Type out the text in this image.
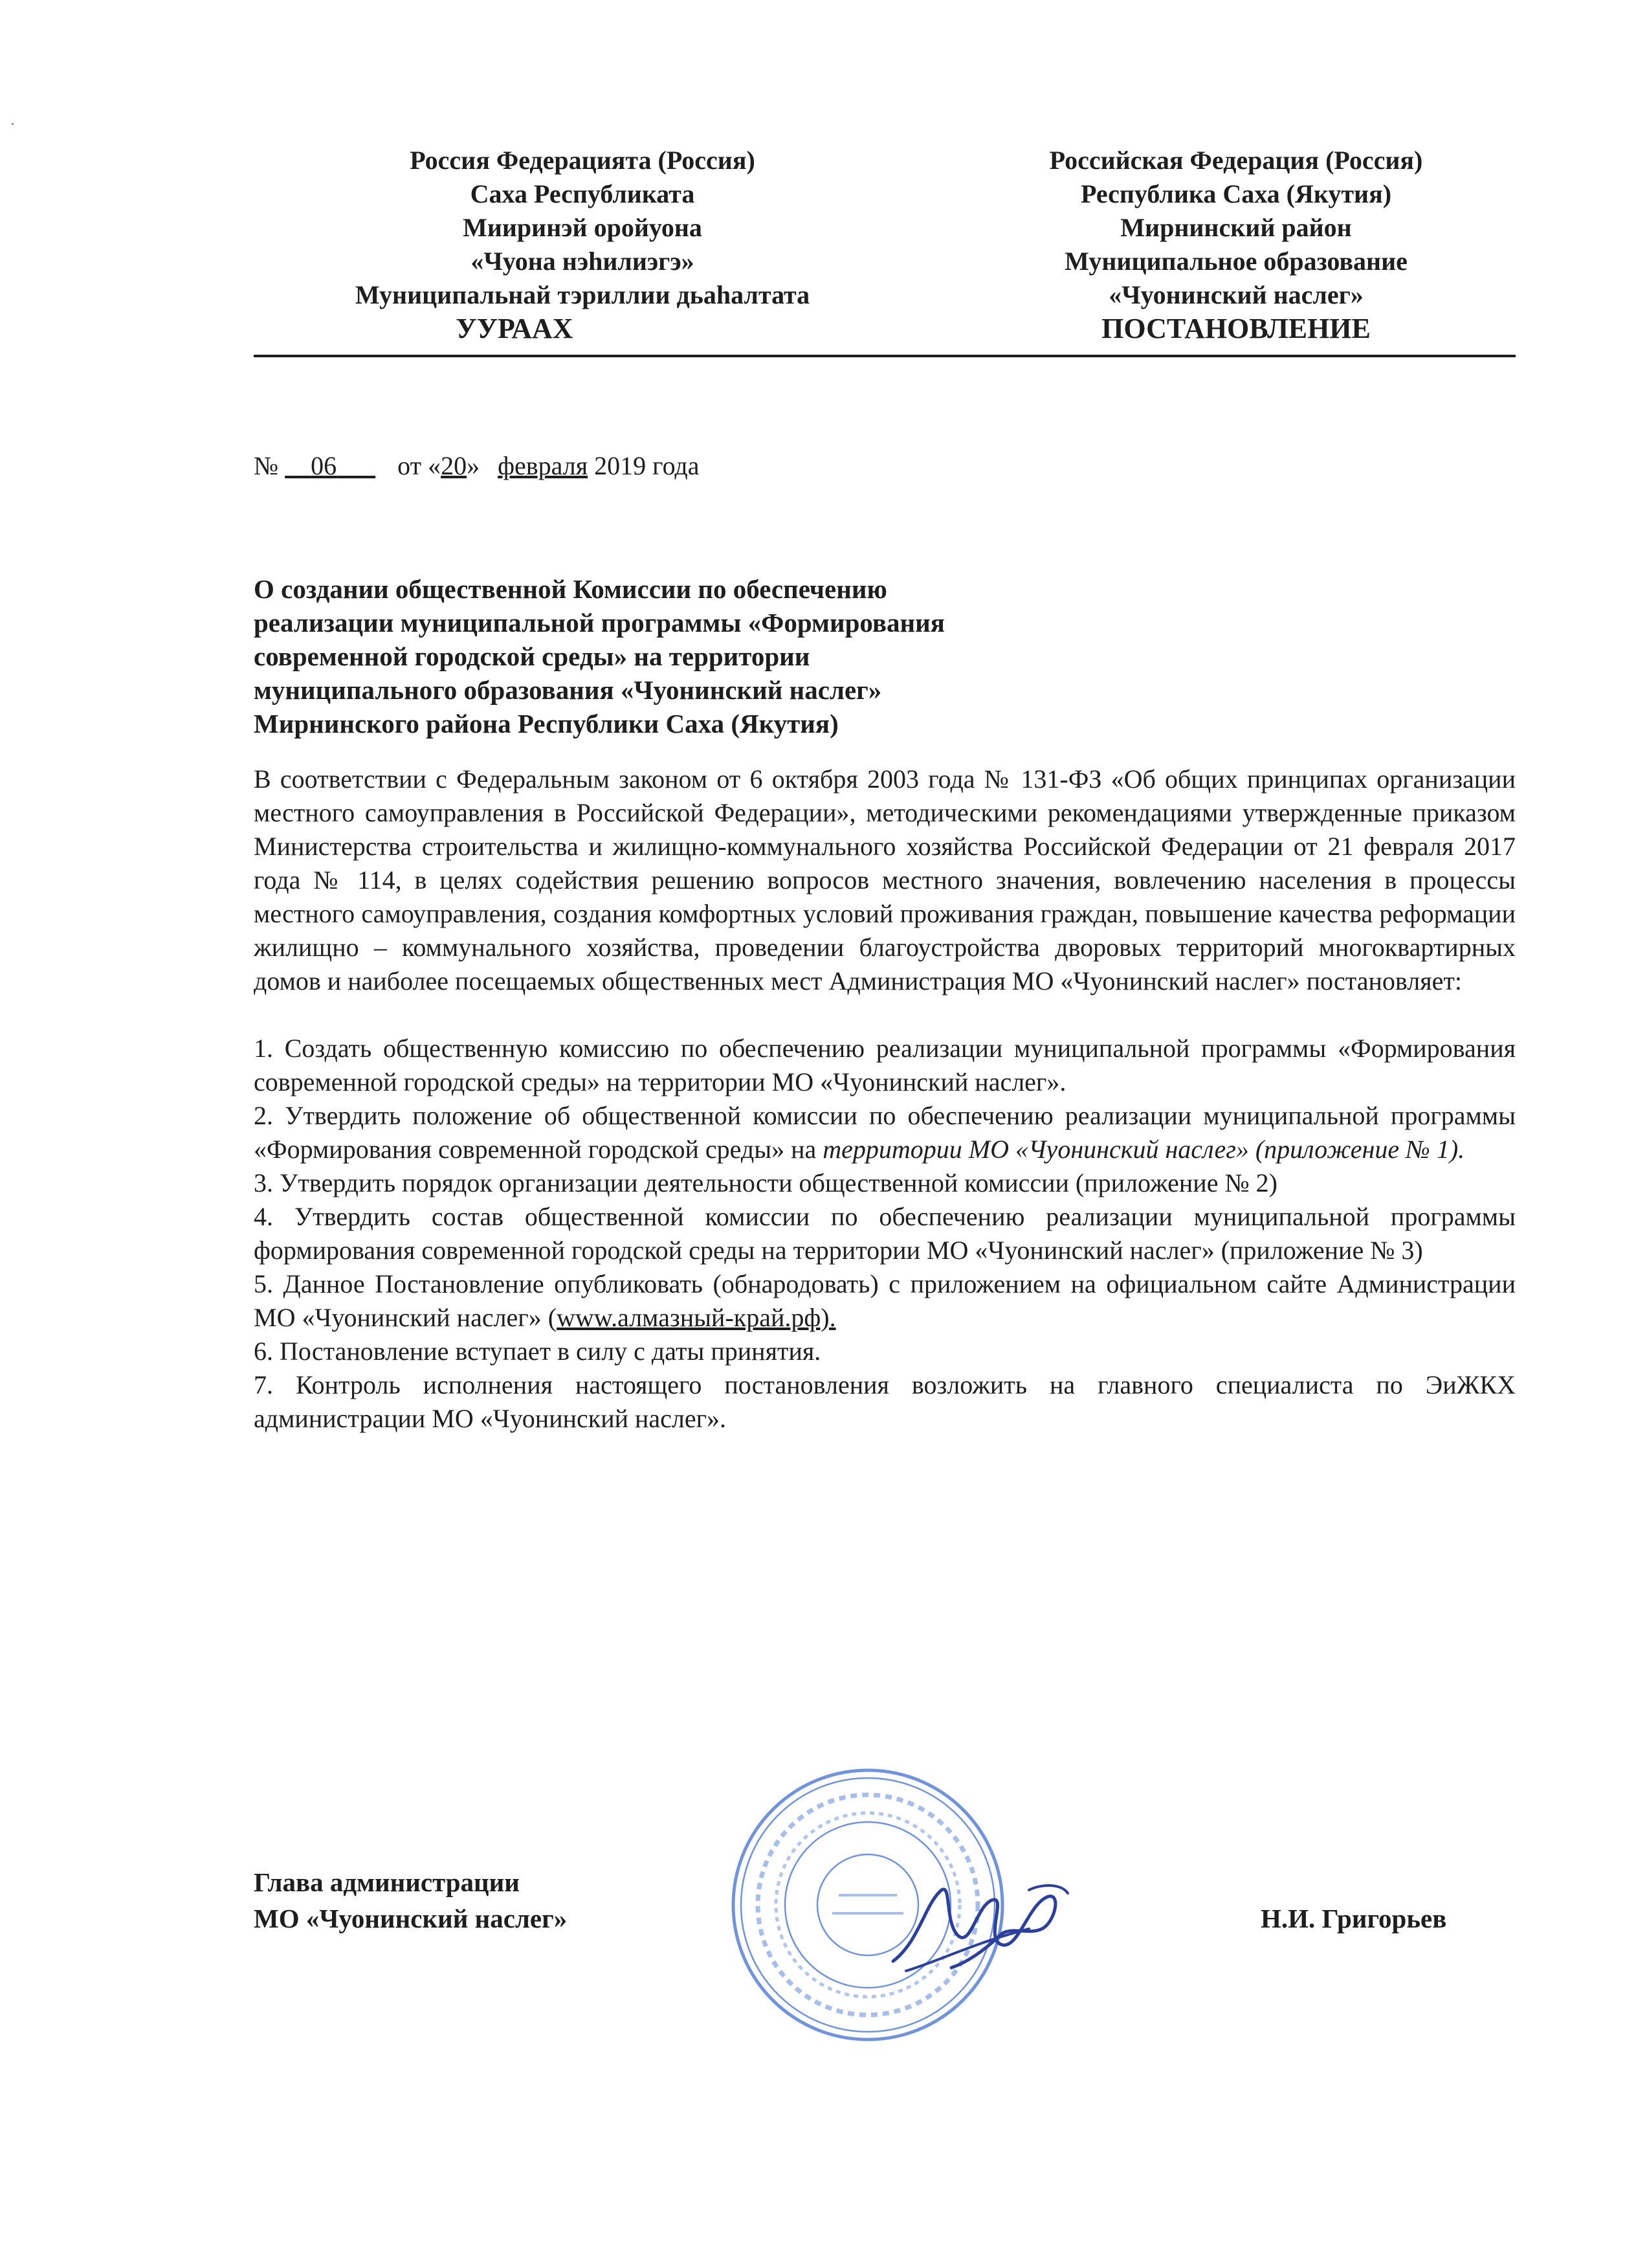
Россия Федерацията (Россия)
Саха Республиката
Мииринэй оройуона
«Чуона нэhилиэгэ»
Муниципальнай тэриллии дьаhалтата
УУРААХ
Российская Федерация (Россия)
Республика Саха (Якутия)
Мирнинский район
Муниципальное образование
«Чуонинский наслег»
ПОСТАНОВЛЕНИЕ
№ 06 от «20» февраля 2019 года
О создании общественной Комиссии по обеспечению
реализации муниципальной программы «Формирования
современной городской среды» на территории
муниципального образования «Чуонинский наслег»
Мирнинского района Республики Саха (Якутия)

В соответствии с Федеральным законом от 6 октября 2003 года № 131-ФЗ «Об общих принципах организации местного самоуправления в Российской Федерации», методическими рекомендациями утвержденные приказом Министерства строительства и жилищно-коммунального хозяйства Российской Федерации от 21 февраля 2017 года № 114, в целях содействия решению вопросов местного значения, вовлечению населения в процессы местного самоуправления, создания комфортных условий проживания граждан, повышение качества реформации жилищно – коммунального хозяйства, проведении благоустройства дворовых территорий многоквартирных домов и наиболее посещаемых общественных мест Администрация МО «Чуонинский наслег» постановляет:

1. Создать общественную комиссию по обеспечению реализации муниципальной программы «Формирования современной городской среды» на территории МО «Чуонинский наслег».

2. Утвердить положение об общественной комиссии по обеспечению реализации муниципальной программы «Формирования современной городской среды» на территории МО «Чуонинский наслег» (приложение № 1).

3. Утвердить порядок организации деятельности общественной комиссии (приложение № 2)

4. Утвердить состав общественной комиссии по обеспечению реализации муниципальной программы формирования современной городской среды на территории МО «Чуонинский наслег» (приложение № 3)

5. Данное Постановление опубликовать (обнародовать) с приложением на официальном сайте Администрации МО «Чуонинский наслег» (www.алмазный-край.рф).

6. Постановление вступает в силу с даты принятия.

7. Контроль исполнения настоящего постановления возложить на главного специалиста по ЭиЖКХ администрации МО «Чуонинский наслег».

Глава администрации
МО «Чуонинский наслег»	Н.И. Григорьев
